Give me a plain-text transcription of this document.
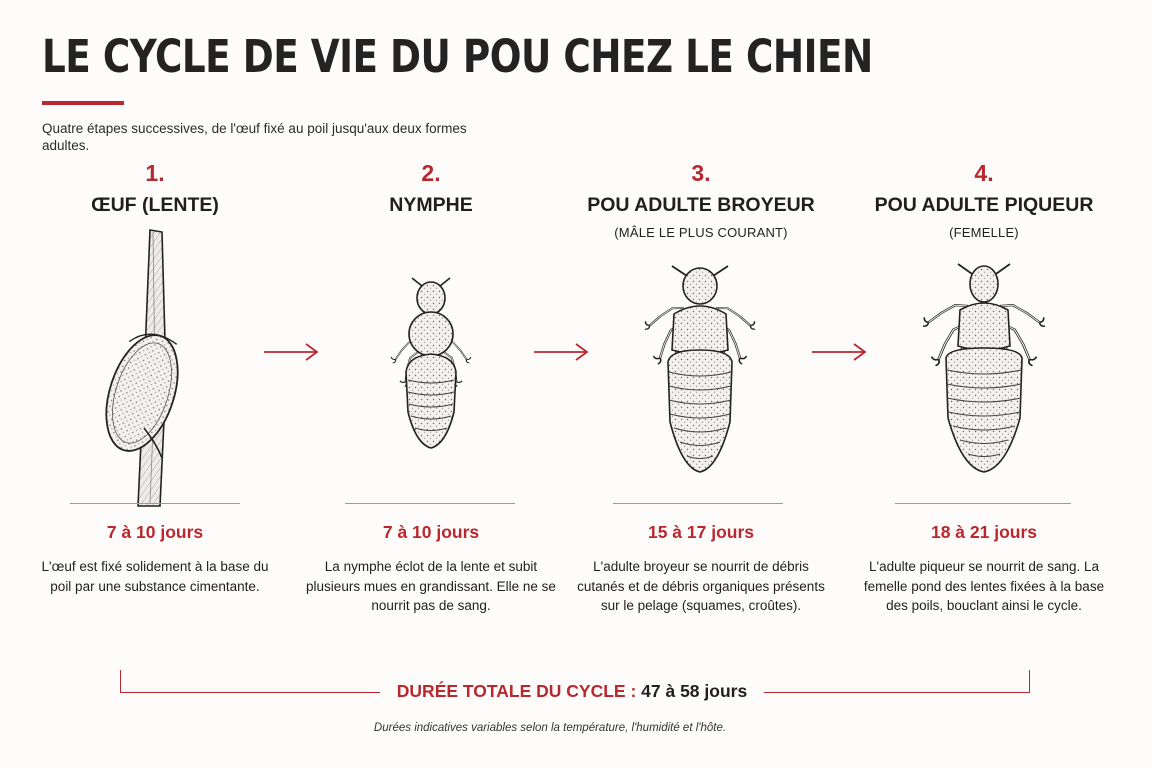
LE CYCLE DE VIE DU POU CHEZ LE CHIEN
Quatre étapes successives, de l'œuf fixé au poil jusqu'aux deux formes adultes.
1.
ŒUF (LENTE)
7 à 10 jours
L'œuf est fixé solidement à la base du poil par une substance cimentante.
2.
NYMPHE
7 à 10 jours
La nymphe éclot de la lente et subit plusieurs mues en grandissant. Elle ne se nourrit pas de sang.
3.
POU ADULTE BROYEUR
(MÂLE LE PLUS COURANT)
15 à 17 jours
L'adulte broyeur se nourrit de débris cutanés et de débris organiques présents sur le pelage (squames, croûtes).
4.
POU ADULTE PIQUEUR
(FEMELLE)
18 à 21 jours
L'adulte piqueur se nourrit de sang. La femelle pond des lentes fixées à la base des poils, bouclant ainsi le cycle.
DURÉE TOTALE DU CYCLE : 47 à 58 jours
Durées indicatives variables selon la température, l'humidité et l'hôte.
